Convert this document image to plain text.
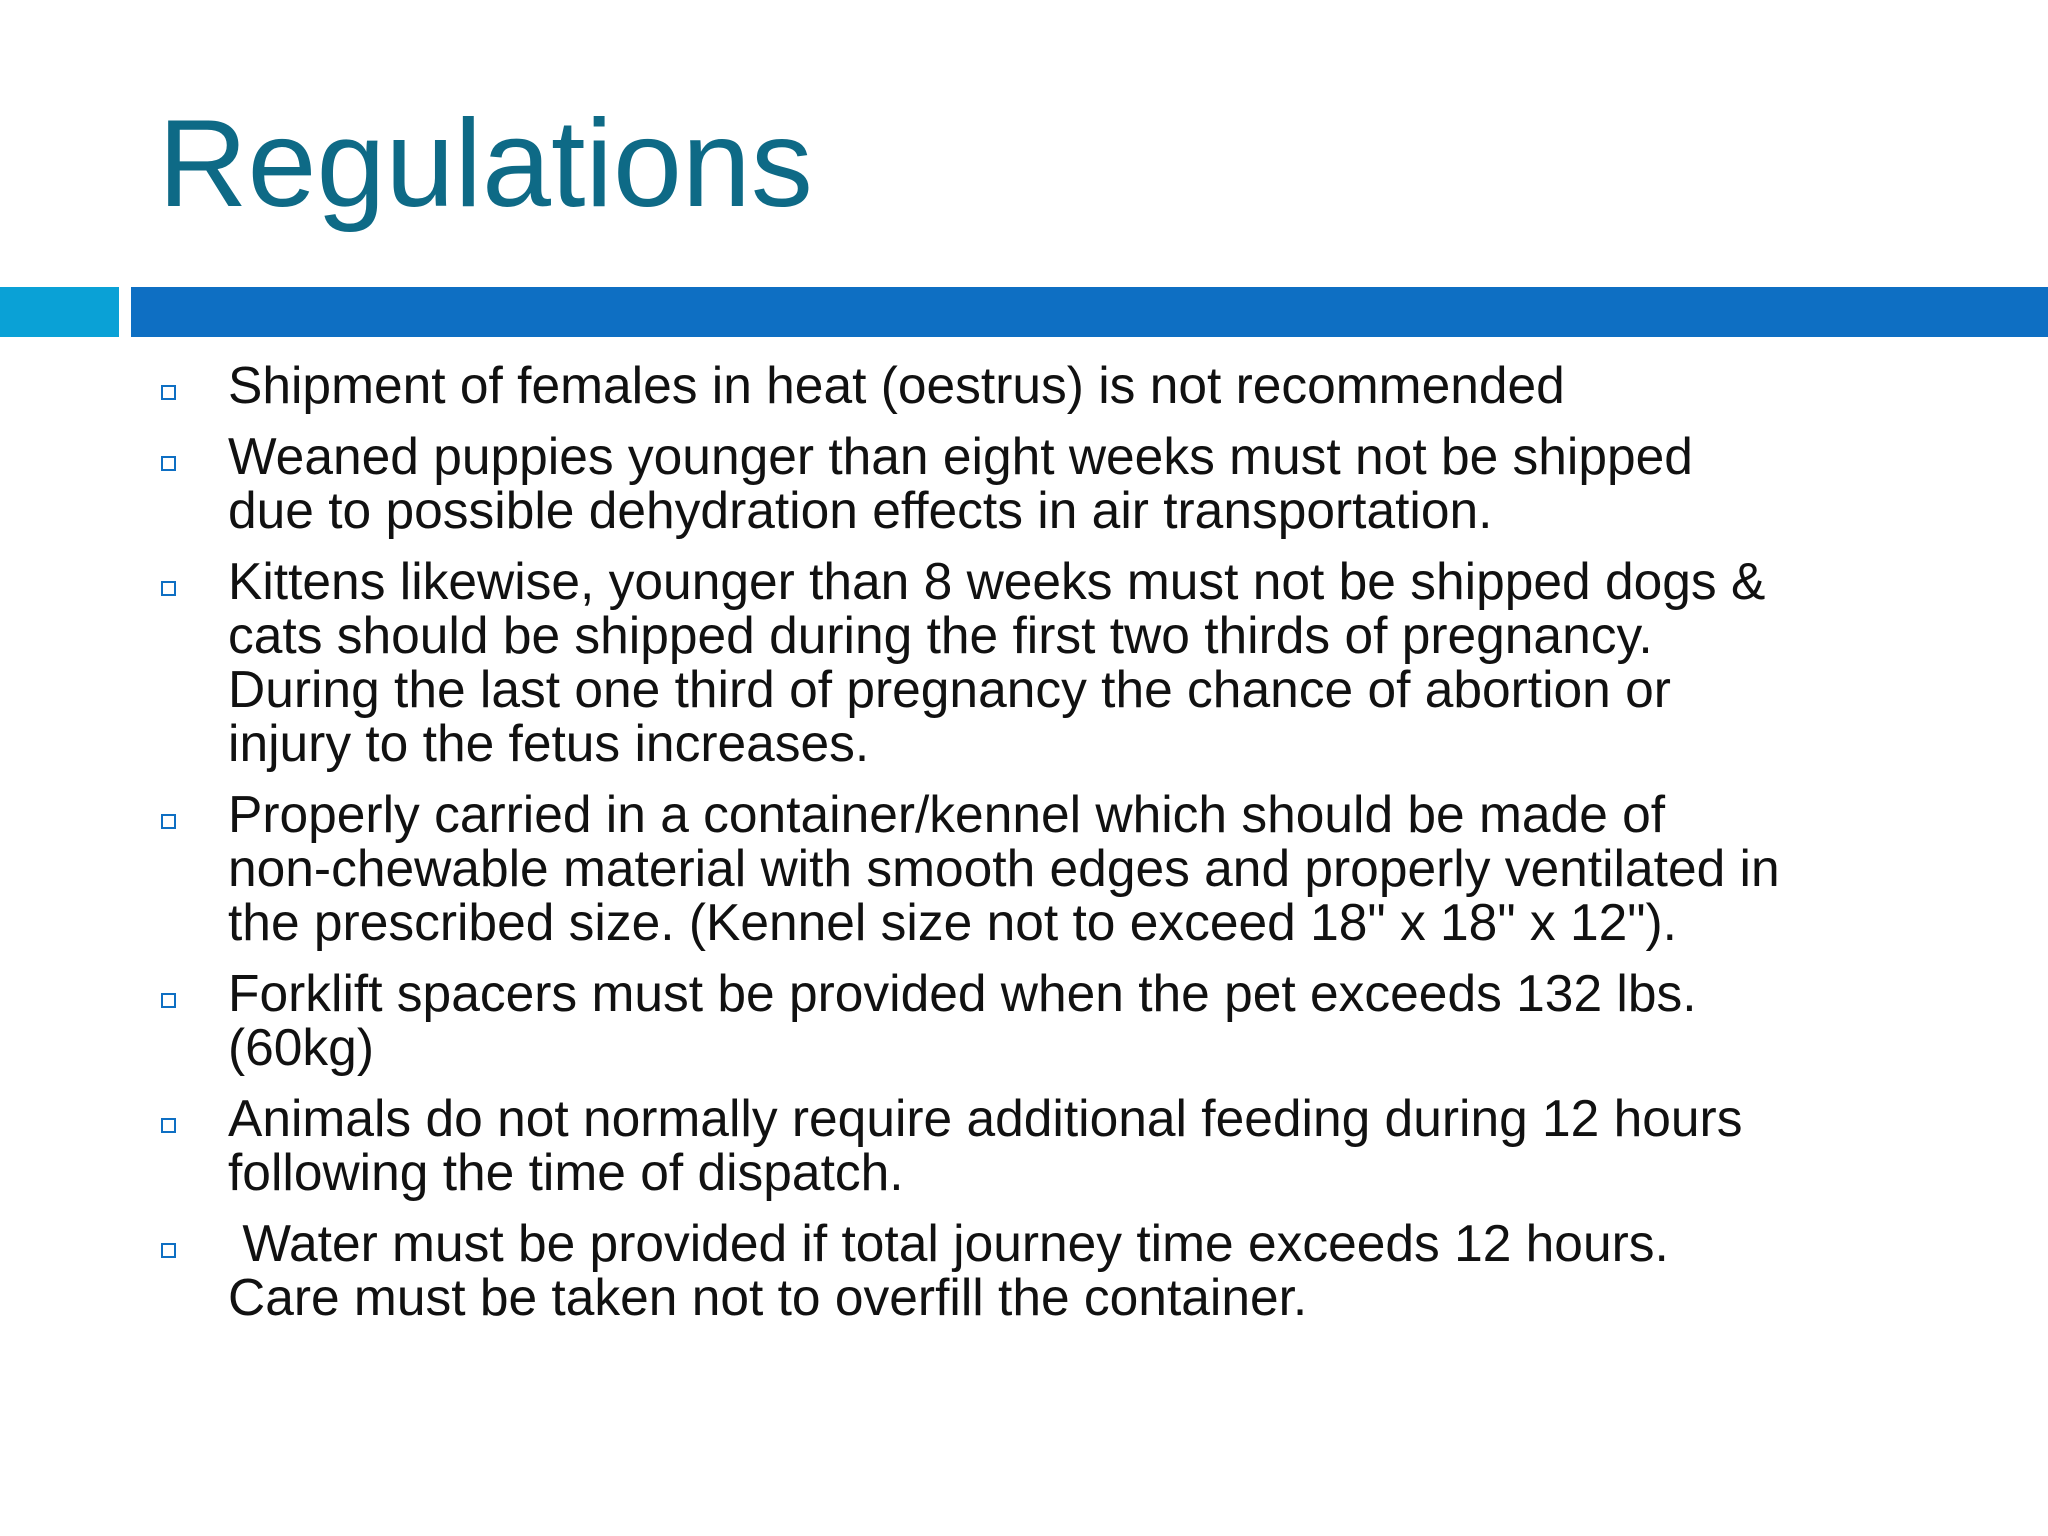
Regulations
Shipment of females in heat (oestrus) is not recommended
Weaned puppies younger than eight weeks must not be shipped
due to possible dehydration effects in air transportation.
Kittens likewise, younger than 8 weeks must not be shipped dogs &
cats should be shipped during the first two thirds of pregnancy.
During the last one third of pregnancy the chance of abortion or
injury to the fetus increases.
Properly carried in a container/kennel which should be made of
non-chewable material with smooth edges and properly ventilated in
the prescribed size. (Kennel size not to exceed 18" x 18" x 12").
Forklift spacers must be provided when the pet exceeds 132 lbs.
(60kg)
Animals do not normally require additional feeding during 12 hours
following the time of dispatch.
Water must be provided if total journey time exceeds 12 hours.
Care must be taken not to overfill the container.
